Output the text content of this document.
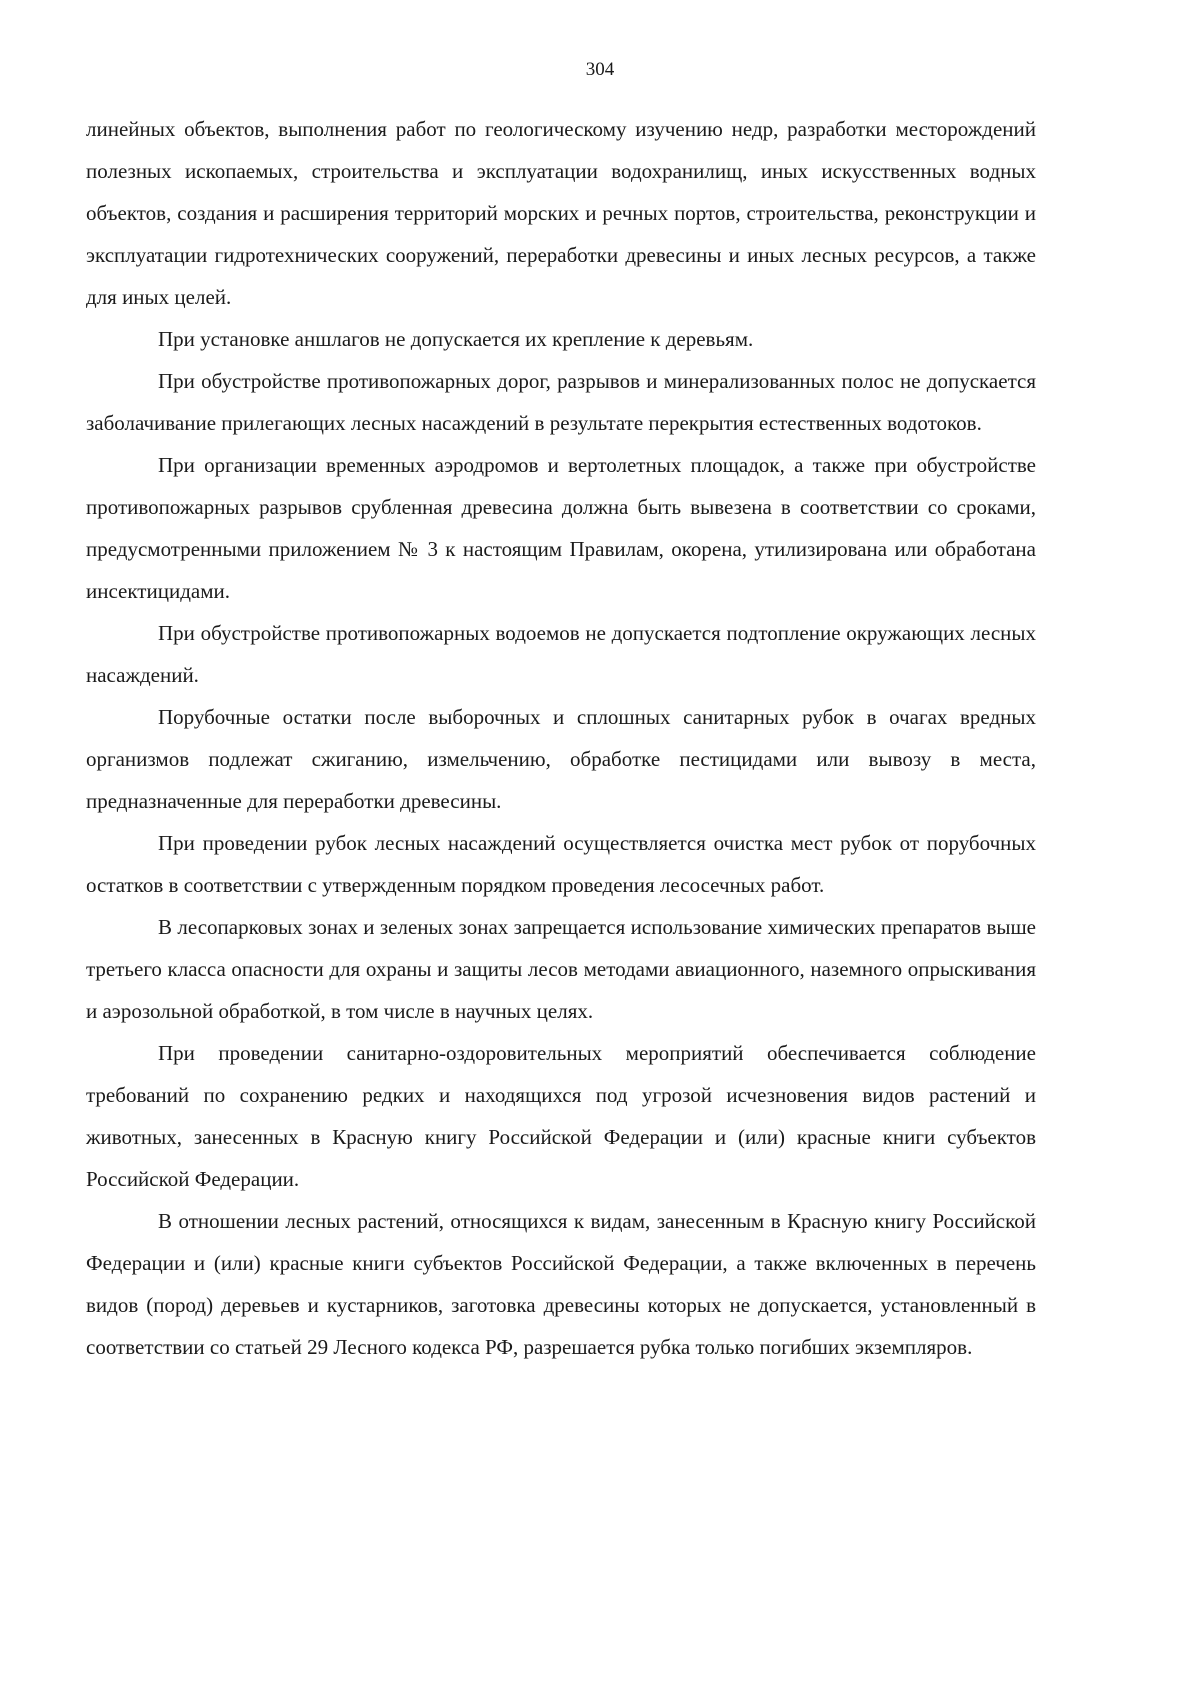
304

линейных объектов, выполнения работ по геологическому изучению недр, разработки месторождений полезных ископаемых, строительства и эксплуатации водохранилищ, иных искусственных водных объектов, создания и расширения территорий морских и речных портов, строительства, реконструкции и эксплуатации гидротехнических сооружений, переработки древесины и иных лесных ресурсов, а также для иных целей.

При установке аншлагов не допускается их крепление к деревьям.

При обустройстве противопожарных дорог, разрывов и минерализованных полос не допускается заболачивание прилегающих лесных насаждений в результате перекрытия естественных водотоков.

При организации временных аэродромов и вертолетных площадок, а также при обустройстве противопожарных разрывов срубленная древесина должна быть вывезена в соответствии со сроками, предусмотренными приложением № 3 к настоящим Правилам, окорена, утилизирована или обработана инсектицидами.

При обустройстве противопожарных водоемов не допускается подтопление окружающих лесных насаждений.

Порубочные остатки после выборочных и сплошных санитарных рубок в очагах вредных организмов подлежат сжиганию, измельчению, обработке пестицидами или вывозу в места, предназначенные для переработки древесины.

При проведении рубок лесных насаждений осуществляется очистка мест рубок от порубочных остатков в соответствии с утвержденным порядком проведения лесосечных работ.

В лесопарковых зонах и зеленых зонах запрещается использование химических препаратов выше третьего класса опасности для охраны и защиты лесов методами авиационного, наземного опрыскивания и аэрозольной обработкой, в том числе в научных целях.

При проведении санитарно-оздоровительных мероприятий обеспечивается соблюдение требований по сохранению редких и находящихся под угрозой исчезновения видов растений и животных, занесенных в Красную книгу Российской Федерации и (или) красные книги субъектов Российской Федерации.

В отношении лесных растений, относящихся к видам, занесенным в Красную книгу Российской Федерации и (или) красные книги субъектов Российской Федерации, а также включенных в перечень видов (пород) деревьев и кустарников, заготовка древесины которых не допускается, установленный в соответствии со статьей 29 Лесного кодекса РФ, разрешается рубка только погибших экземпляров.
